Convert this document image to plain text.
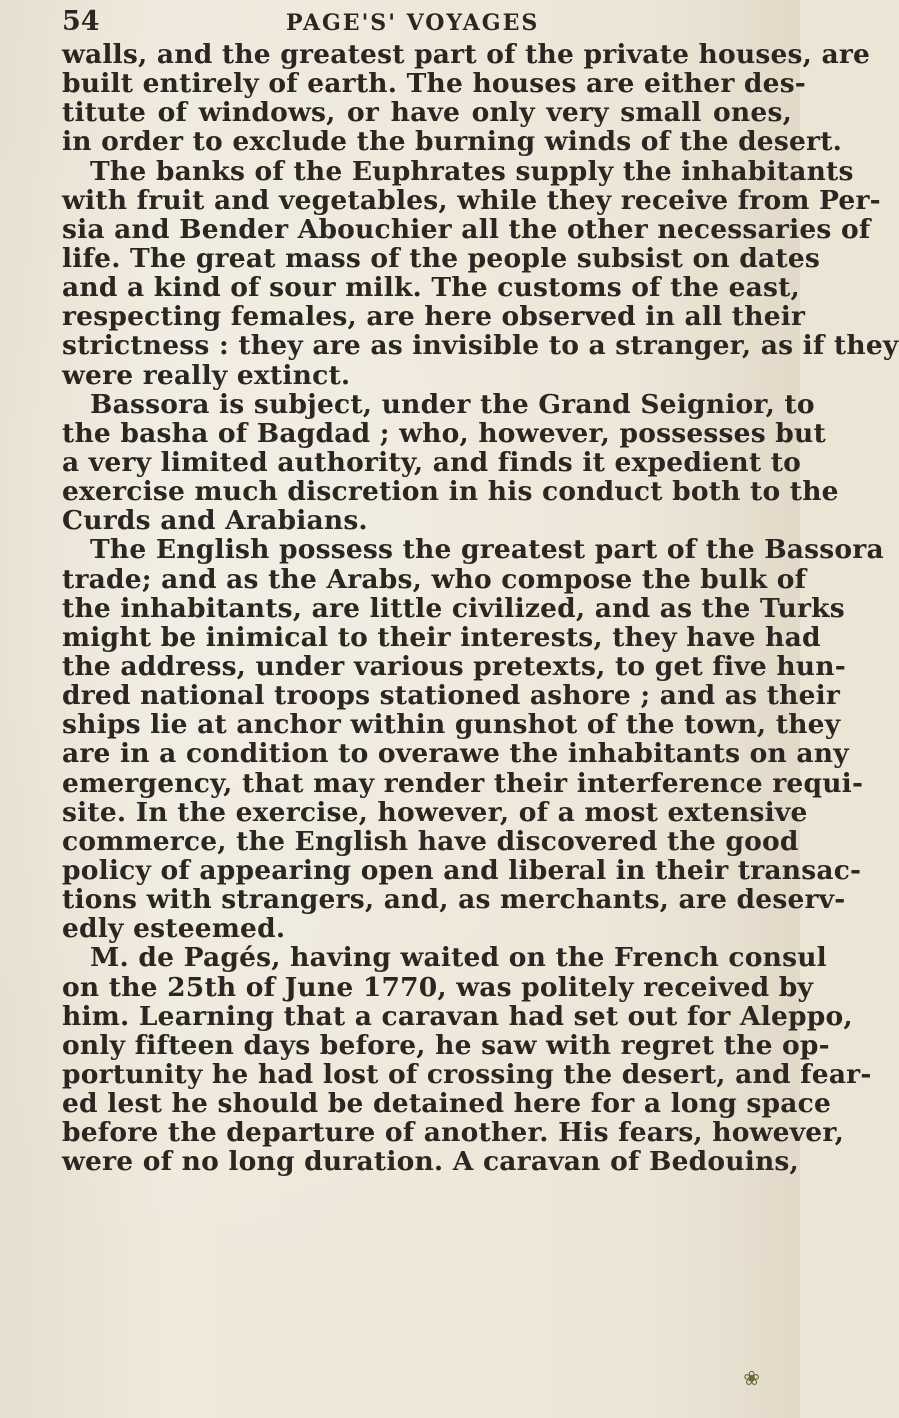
54	PAGE'S' VOYAGES
walls, and the greatest part of the private houses, are
built entirely of earth. The houses are either des-
titute of windows, or have only very small ones,
in order to exclude the burning winds of the desert.
The banks of the Euphrates supply the inhabitants
with fruit and vegetables, while they receive from Per-
sia and Bender Abouchier all the other necessaries of
life. The great mass of the people subsist on dates
and a kind of sour milk. The customs of the east,
respecting females, are here observed in all their
strictness : they are as invisible to a stranger, as if they
were really extinct.
Bassora is subject, under the Grand Seignior, to
the basha of Bagdad ; who, however, possesses but
a very limited authority, and finds it expedient to
exercise much discretion in his conduct both to the
Curds and Arabians.
The English possess the greatest part of the Bassora
trade; and as the Arabs, who compose the bulk of
the inhabitants, are little civilized, and as the Turks
might be inimical to their interests, they have had
the address, under various pretexts, to get five hun-
dred national troops stationed ashore ; and as their
ships lie at anchor within gunshot of the town, they
are in a condition to overawe the inhabitants on any
emergency, that may render their interference requi-
site. In the exercise, however, of a most extensive
commerce, the English have discovered the good
policy of appearing open and liberal in their transac-
tions with strangers, and, as merchants, are deserv-
edly esteemed.
M. de Pagés, having waited on the French consul
on the 25th of June 1770, was politely received by
him. Learning that a caravan had set out for Aleppo,
only fifteen days before, he saw with regret the op-
portunity he had lost of crossing the desert, and fear-
ed lest he should be detained here for a long space
before the departure of another. His fears, however,
were of no long duration. A caravan of Bedouins,
❀
